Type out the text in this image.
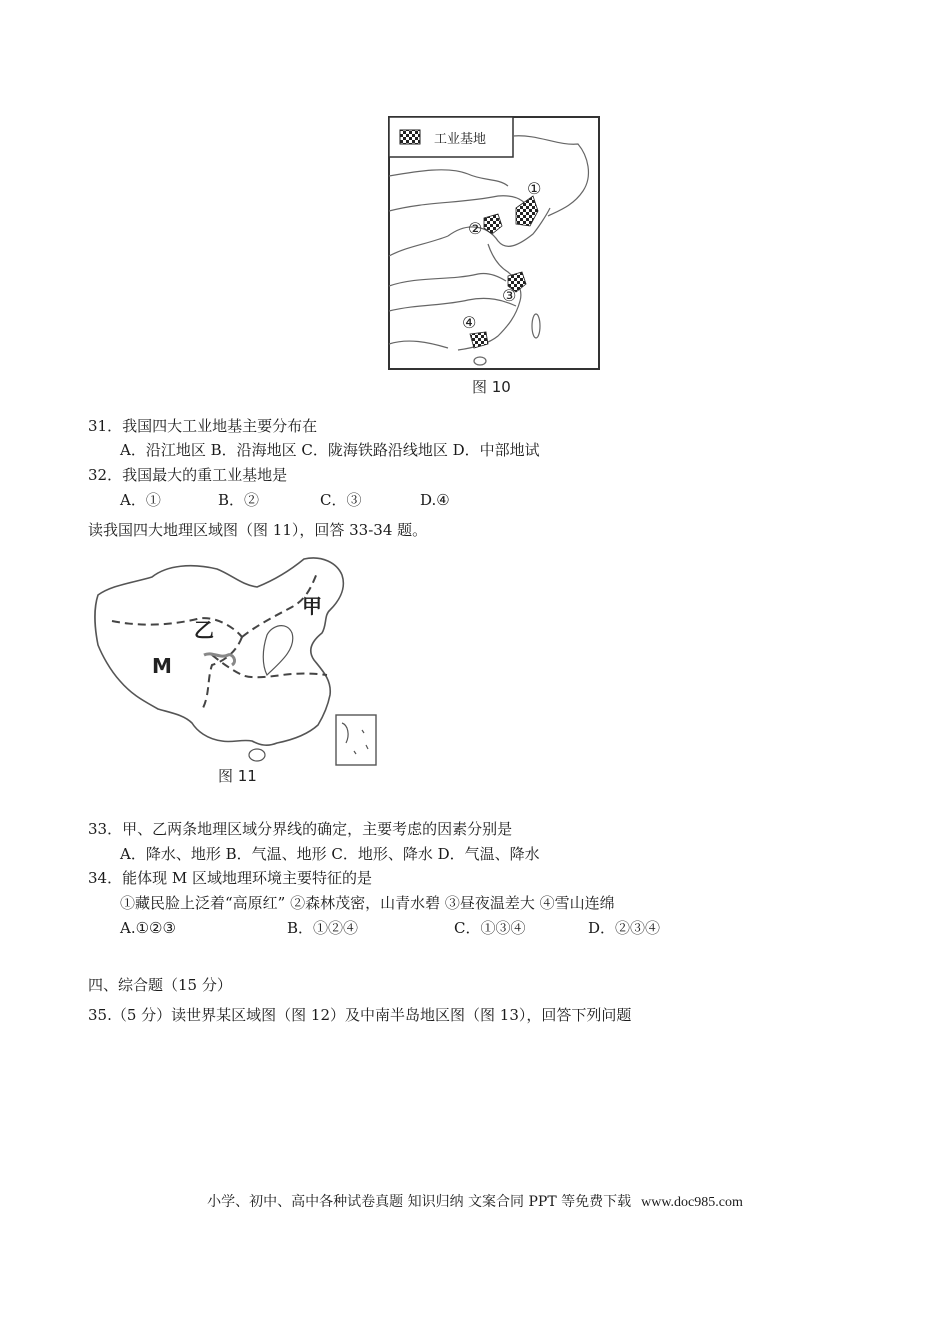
工业基地
①
②
③
④
图 10
31．我国四大工业地基主要分布在
A．沿江地区 B．沿海地区 C．陇海铁路沿线地区 D．中部地试
32．我国最大的重工业基地是
A．①	B．②	C．③	D.④
读我国四大地理区域图（图 11），回答 33-34 题。
甲
乙
M
图 11
33．甲、乙两条地理区域分界线的确定，主要考虑的因素分别是
A．降水、地形 B．气温、地形 C．地形、降水 D．气温、降水
34．能体现 M 区域地理环境主要特征的是
①藏民脸上泛着“高原红” ②森林茂密，山青水碧 ③昼夜温差大 ④雪山连绵
A.①②③	B．①②④	C．①③④	D．②③④
四、综合题（15 分）
35.（5 分）读世界某区域图（图 12）及中南半岛地区图（图 13），回答下列问题
小学、初中、高中各种试卷真题 知识归纳 文案合同 PPT 等免费下载 www.doc985.com
